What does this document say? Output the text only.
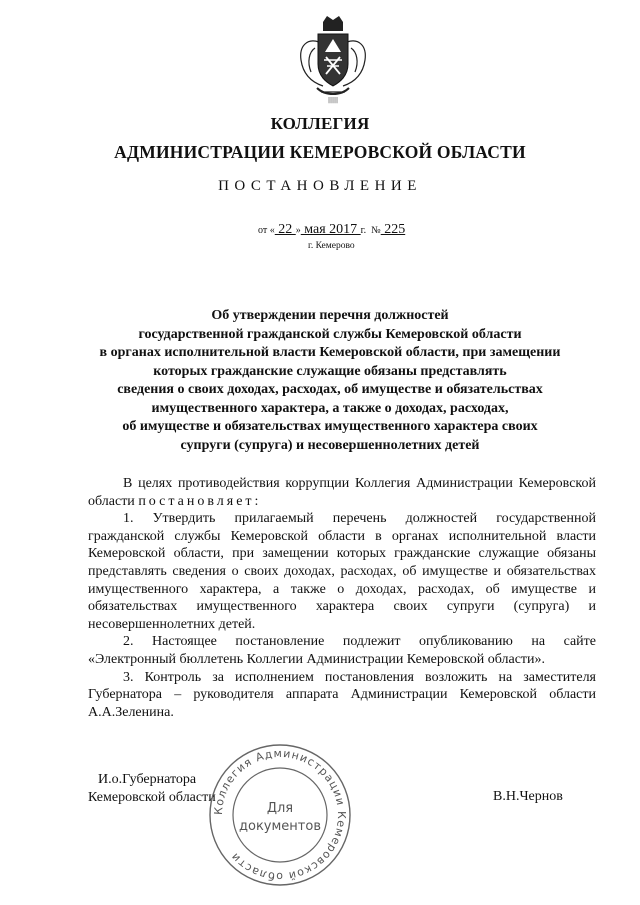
|||||
КОЛЛЕГИЯ
АДМИНИСТРАЦИИ КЕМЕРОВСКОЙ ОБЛАСТИ
ПОСТАНОВЛЕНИЕ
от « 22 » мая 2017 г. № 225
г. Кемерово
Об утверждении перечня должностей
государственной гражданской службы Кемеровской области
в органах исполнительной власти Кемеровской области, при замещении
которых гражданские служащие обязаны представлять
сведения о своих доходах, расходах, об имуществе и обязательствах
имущественного характера, а также о доходах, расходах,
об имуществе и обязательствах имущественного характера своих
супруги (супруга) и несовершеннолетних детей

В целях противодействия коррупции Коллегия Администрации Кемеровской области постановляет:

1. Утвердить прилагаемый перечень должностей государственной гражданской службы Кемеровской области в органах исполнительной власти Кемеровской области, при замещении которых гражданские служащие обязаны представлять сведения о своих доходах, расходах, об имуществе и обязательствах имущественного характера, а также о доходах, расходах, об имуществе и обязательствах имущественного характера своих супруги (супруга) и несовершеннолетних детей.

2. Настоящее постановление подлежит опубликованию на сайте «Электронный бюллетень Коллегии Администрации Кемеровской области».

3. Контроль за исполнением постановления возложить на заместителя Губернатора – руководителя аппарата Администрации Кемеровской области А.А.Зеленина.

И.о.Губернатора
Кемеровской области	В.Н.Чернов
Коллегия Администрации Кемеровской области
Для
документов
